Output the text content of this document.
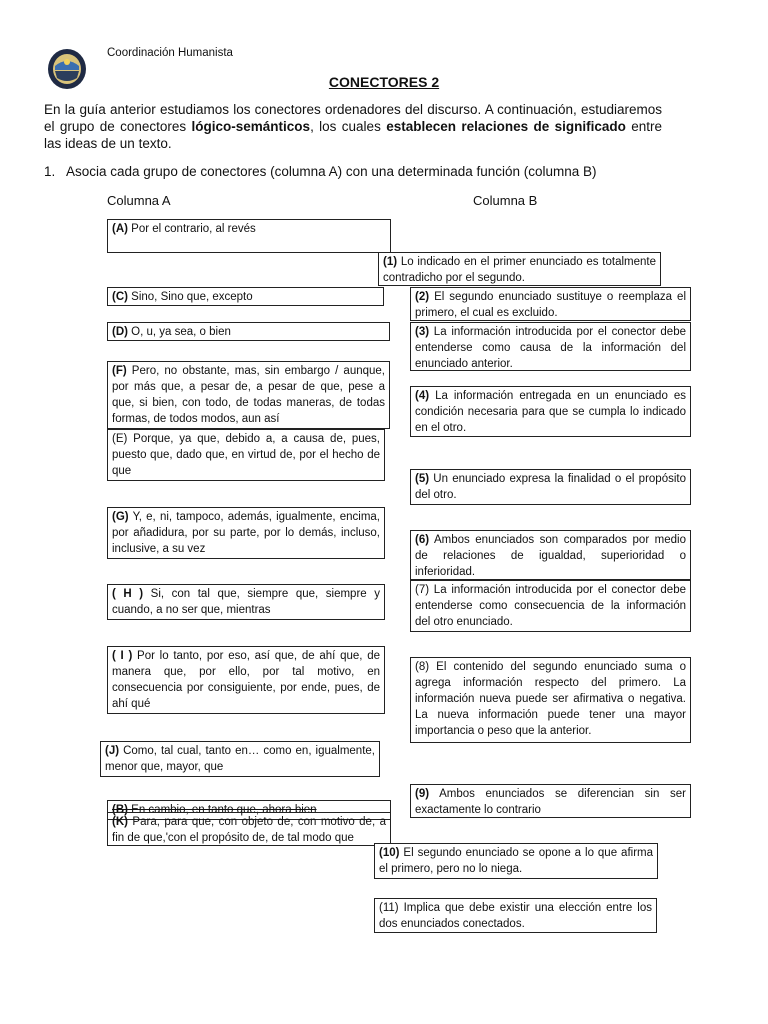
Coordinación Humanista
CONECTORES 2
En la guía anterior estudiamos los conectores ordenadores del discurso. A continuación, estudiaremos el grupo de conectores lógico-semánticos, los cuales establecen relaciones de significado entre las ideas de un texto.
1. Asocia cada grupo de conectores (columna A) con una determinada función (columna B)
Columna A	Columna B
(A) Por el contrario, al revés
(C) Sino, Sino que, excepto
(D) O, u, ya sea, o bien
(F) Pero, no obstante, mas, sin embargo / aunque, por más que, a pesar de, a pesar de que, pese a que, si bien, con todo, de todas maneras, de todas formas, de todos modos, aun así
(E) Porque, ya que, debido a, a causa de, pues, puesto que, dado que, en virtud de, por el hecho de que
(G) Y, e, ni, tampoco, además, igualmente, encima, por añadidura, por su parte, por lo demás, incluso, inclusive, a su vez
( H ) Si, con tal que, siempre que, siempre y cuando, a no ser que, mientras
( I ) Por lo tanto, por eso, así que, de ahí que, de manera que, por ello, por tal motivo, en consecuencia por consiguiente, por ende, pues, de ahí qué
(J) Como, tal cual, tanto en… como en, igualmente, menor que, mayor, que
(B) En cambio, en tanto que, ahora bien
(K) Para, para que, con objeto de, con motivo de, a fin de que,'con el propósito de, de tal modo que
(1) Lo indicado en el primer enunciado es totalmente contradicho por el segundo.
(2) El segundo enunciado sustituye o reemplaza el primero, el cual es excluido.
(3) La información introducida por el conector debe entenderse como causa de la información del enunciado anterior.
(4) La información entregada en un enunciado es condición necesaria para que se cumpla lo indicado en el otro.
(5) Un enunciado expresa la finalidad o el propósito del otro.
(6) Ambos enunciados son comparados por medio de relaciones de igualdad, superioridad o inferioridad.
(7) La información introducida por el conector debe entenderse como consecuencia de la información del otro enunciado.
(8) El contenido del segundo enunciado suma o agrega información respecto del primero. La información nueva puede ser afirmativa o negativa. La nueva información puede tener una mayor importancia o peso que la anterior.
(9) Ambos enunciados se diferencian sin ser exactamente lo contrario
(10) El segundo enunciado se opone a lo que afirma el primero, pero no lo niega.
(11) Implica que debe existir una elección entre los dos enunciados conectados.
